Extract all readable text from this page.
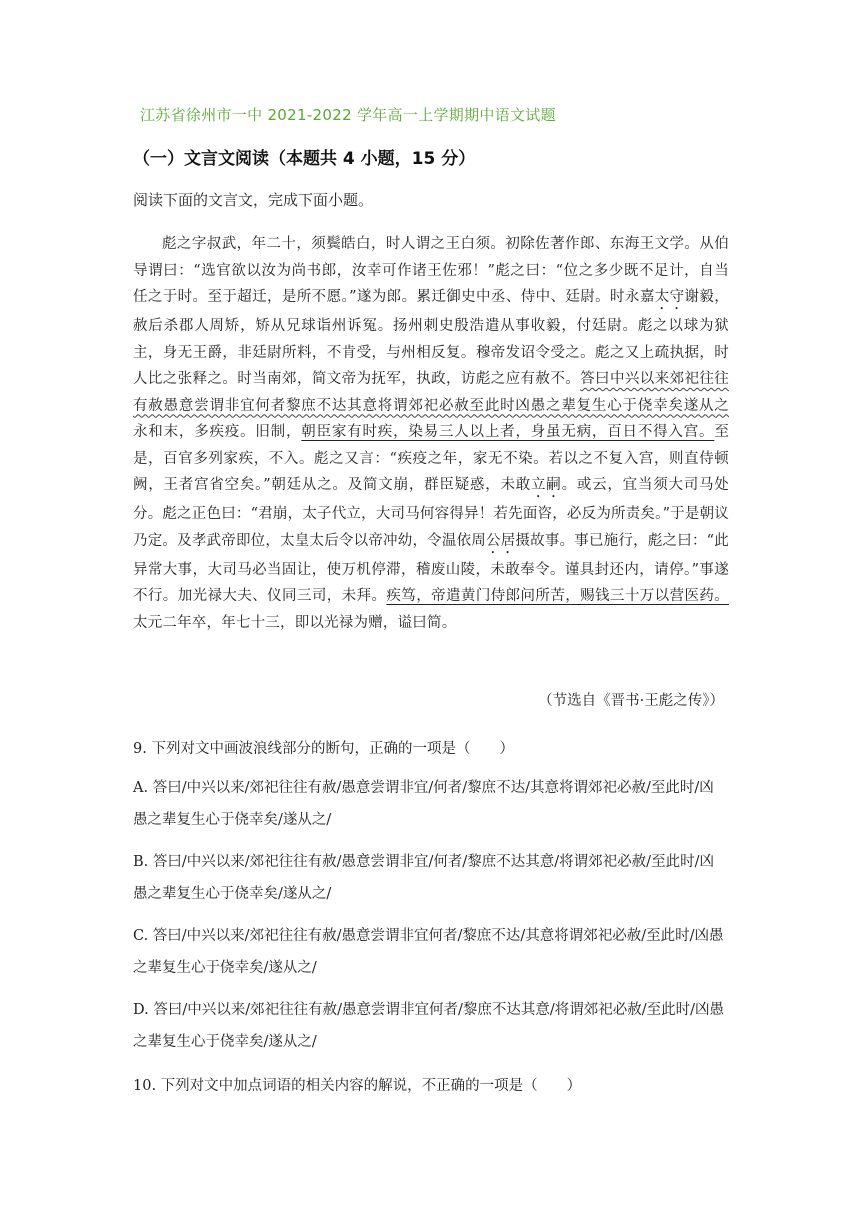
江苏省徐州市一中 2021-2022 学年高一上学期期中语文试题
（一）文言文阅读（本题共 4 小题，15 分）
阅读下面的文言文，完成下面小题。

彪之字叔武，年二十，须鬓皓白，时人谓之王白须。初除佐著作郎、东海王文学。从伯导谓曰：“选官欲以汝为尚书郎，汝幸可作诸王佐邪！”彪之曰：“位之多少既不足计，自当任之于时。至于超迁，是所不愿。”遂为郎。累迁御史中丞、侍中、廷尉。时永嘉太守谢毅，赦后杀郡人周矫，矫从兄球诣州诉冤。扬州刺史殷浩遣从事收毅，付廷尉。彪之以球为狱主，身无王爵，非廷尉所料，不肯受，与州相反复。穆帝发诏令受之。彪之又上疏执据，时人比之张释之。时当南郊，简文帝为抚军，执政，访彪之应有赦不。答曰中兴以来郊祀往往有赦愚意尝谓非宜何者黎庶不达其意将谓郊祀必赦至此时凶愚之辈复生心于侥幸矣遂从之　永和末，多疾疫。旧制，朝臣家有时疾，染易三人以上者，身虽无病，百日不得入宫。至是，百官多列家疾，不入。彪之又言：“疾疫之年，家无不染。若以之不复入宫，则直侍顿阙，王者宫省空矣。”朝廷从之。及简文崩，群臣疑惑，未敢立嗣。或云，宜当须大司马处分。彪之正色曰：“君崩，太子代立，大司马何容得异！若先面咨，必反为所责矣。”于是朝议乃定。及孝武帝即位，太皇太后令以帝冲幼，令温依周公居摄故事。事已施行，彪之曰：“此异常大事，大司马必当固让，使万机停滞，稽废山陵，未敢奉令。谨具封还内，请停。”事遂不行。加光禄大夫、仪同三司，未拜。疾笃，帝遣黄门侍郎问所苦，赐钱三十万以营医药。太元二年卒，年七十三，即以光禄为赠，谥曰简。

（节选自《晋书·王彪之传》）
9. 下列对文中画波浪线部分的断句，正确的一项是（　　）
A. 答曰/中兴以来/郊祀往往有赦/愚意尝谓非宜/何者/黎庶不达/其意将谓郊祀必赦/至此时/凶愚之辈复生心于侥幸矣/遂从之/
B. 答曰/中兴以来/郊祀往往有赦/愚意尝谓非宜/何者/黎庶不达其意/将谓郊祀必赦/至此时/凶愚之辈复生心于侥幸矣/遂从之/
C. 答曰/中兴以来/郊祀往往有赦/愚意尝谓非宜何者/黎庶不达/其意将谓郊祀必赦/至此时/凶愚之辈复生心于侥幸矣/遂从之/
D. 答曰/中兴以来/郊祀往往有赦/愚意尝谓非宜何者/黎庶不达其意/将谓郊祀必赦/至此时/凶愚之辈复生心于侥幸矣/遂从之/
10. 下列对文中加点词语的相关内容的解说，不正确的一项是（　　）
